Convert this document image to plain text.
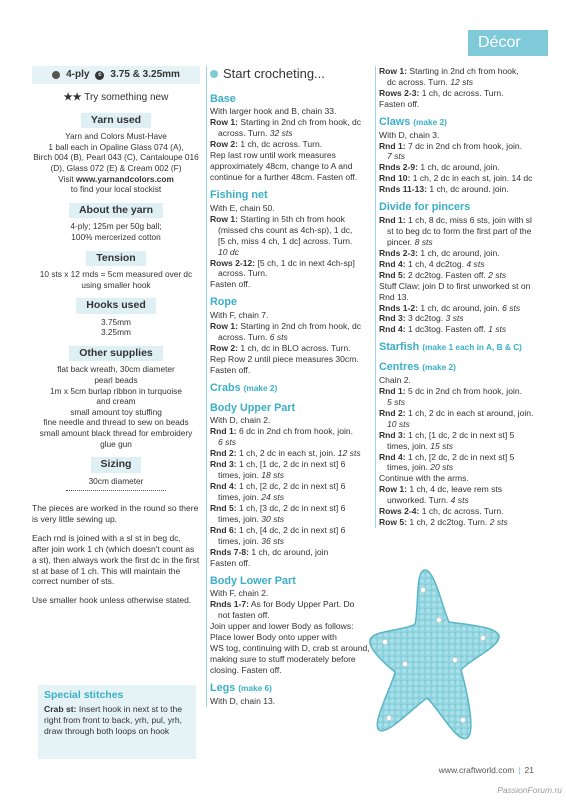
Décor
4-ply	c 3.75 & 3.25mm
★★ Try something new
Yarn used
Yarn and Colors Must-Have
1 ball each in Opaline Glass 074 (A),
Birch 004 (B), Pearl 043 (C), Cantaloupe 016
(D), Glass 072 (E) & Cream 002 (F)
Visit www.yarnandcolors.com
to find your local stockist
About the yarn
4-ply; 125m per 50g ball;
100% mercerized cotton
Tension
10 sts x 12 rnds = 5cm measured over dc
using smaller hook
Hooks used
3.75mm
3.25mm
Other supplies
flat back wreath, 30cm diameter
pearl beads
1m x 5cm burlap ribbon in turquoise
and cream
small amount toy stuffing
fine needle and thread to sew on beads
small amount black thread for embroidery
glue gun
Sizing
30cm diameter
The pieces are worked in the round so there is very little sewing up.
Each rnd is joined with a sl st in beg dc, after join work 1 ch (which doesn't count as a st), then always work the first dc in the first st at base of 1 ch. This will maintain the correct number of sts.
Use smaller hook unless otherwise stated.
Special stitches
Crab st: Insert hook in next st to the right from front to back, yrh, pul, yrh, draw through both loops on hook
Start crocheting...
Base
With larger hook and B, chain 33.
Row 1: Starting in 2nd ch from hook, dc
across. Turn. 32 sts
Row 2: 1 ch, dc across. Turn.
Rep last row until work measures
approximately 48cm, change to A and
continue for a further 48cm. Fasten off.
Fishing net
With E, chain 50.
Row 1: Starting in 5th ch from hook
(missed chs count as 4ch-sp), 1 dc,
[5 ch, miss 4 ch, 1 dc] across. Turn.
10 dc
Rows 2-12: [5 ch, 1 dc in next 4ch-sp]
across. Turn.
Fasten off.
Rope
With F, chain 7.
Row 1: Starting in 2nd ch from hook, dc
across. Turn. 6 sts
Row 2: 1 ch, dc in BLO across. Turn.
Rep Row 2 until piece measures 30cm.
Fasten off.
Crabs (make 2)
Body Upper Part
With D, chain 2.
Rnd 1: 6 dc in 2nd ch from hook, join.
6 sts
Rnd 2: 1 ch, 2 dc in each st, join. 12 sts
Rnd 3: 1 ch, [1 dc, 2 dc in next st] 6
times, join. 18 sts
Rnd 4: 1 ch, [2 dc, 2 dc in next st] 6
times, join. 24 sts
Rnd 5: 1 ch, [3 dc, 2 dc in next st] 6
times, join. 30 sts
Rnd 6: 1 ch, [4 dc, 2 dc in next st] 6
times, join. 36 sts
Rnds 7-8: 1 ch, dc around, join
Fasten off.
Body Lower Part
With F, chain 2.
Rnds 1-7: As for Body Upper Part. Do
not fasten off.
Join upper and lower Body as follows:
Place lower Body onto upper with
WS tog, continuing with D, crab st around,
making sure to stuff moderately before
closing. Fasten off.
Legs (make 6)
With D, chain 13.
Row 1: Starting in 2nd ch from hook,
dc across. Turn. 12 sts
Rows 2-3: 1 ch, dc across. Turn.
Fasten off.
Claws (make 2)
With D, chain 3.
Rnd 1: 7 dc in 2nd ch from hook, join.
7 sts
Rnds 2-9: 1 ch, dc around, join.
Rnd 10: 1 ch, 2 dc in each st, join. 14 dc
Rnds 11-13: 1 ch, dc around. join.
Divide for pincers
Rnd 1: 1 ch, 8 dc, miss 6 sts, join with sl
st to beg dc to form the first part of the
pincer. 8 sts
Rnds 2-3: 1 ch, dc around, join.
Rnd 4: 1 ch, 4 dc2tog. 4 sts
Rnd 5: 2 dc2tog. Fasten off. 2 sts
Stuff Claw; join D to first unworked st on
Rnd 13.
Rnds 1-2: 1 ch, dc around, join. 6 sts
Rnd 3: 3 dc2tog. 3 sts
Rnd 4: 1 dc3tog. Fasten off. 1 sts
Starfish (make 1 each in A, B & C)
Centres (make 2)
Chain 2.
Rnd 1: 5 dc in 2nd ch from hook, join.
5 sts
Rnd 2: 1 ch, 2 dc in each st around, join.
10 sts
Rnd 3: 1 ch, [1 dc, 2 dc in next st] 5
times, join. 15 sts
Rnd 4: 1 ch, [2 dc, 2 dc in next st] 5
times, join. 20 sts
Continue with the arms.
Row 1: 1 ch, 4 dc, leave rem sts
unworked. Turn. 4 sts
Rows 2-4: 1 ch, dc across. Turn.
Row 5: 1 ch, 2 dc2tog. Turn. 2 sts
www.craftworld.com | 21
PassionForum.ru
